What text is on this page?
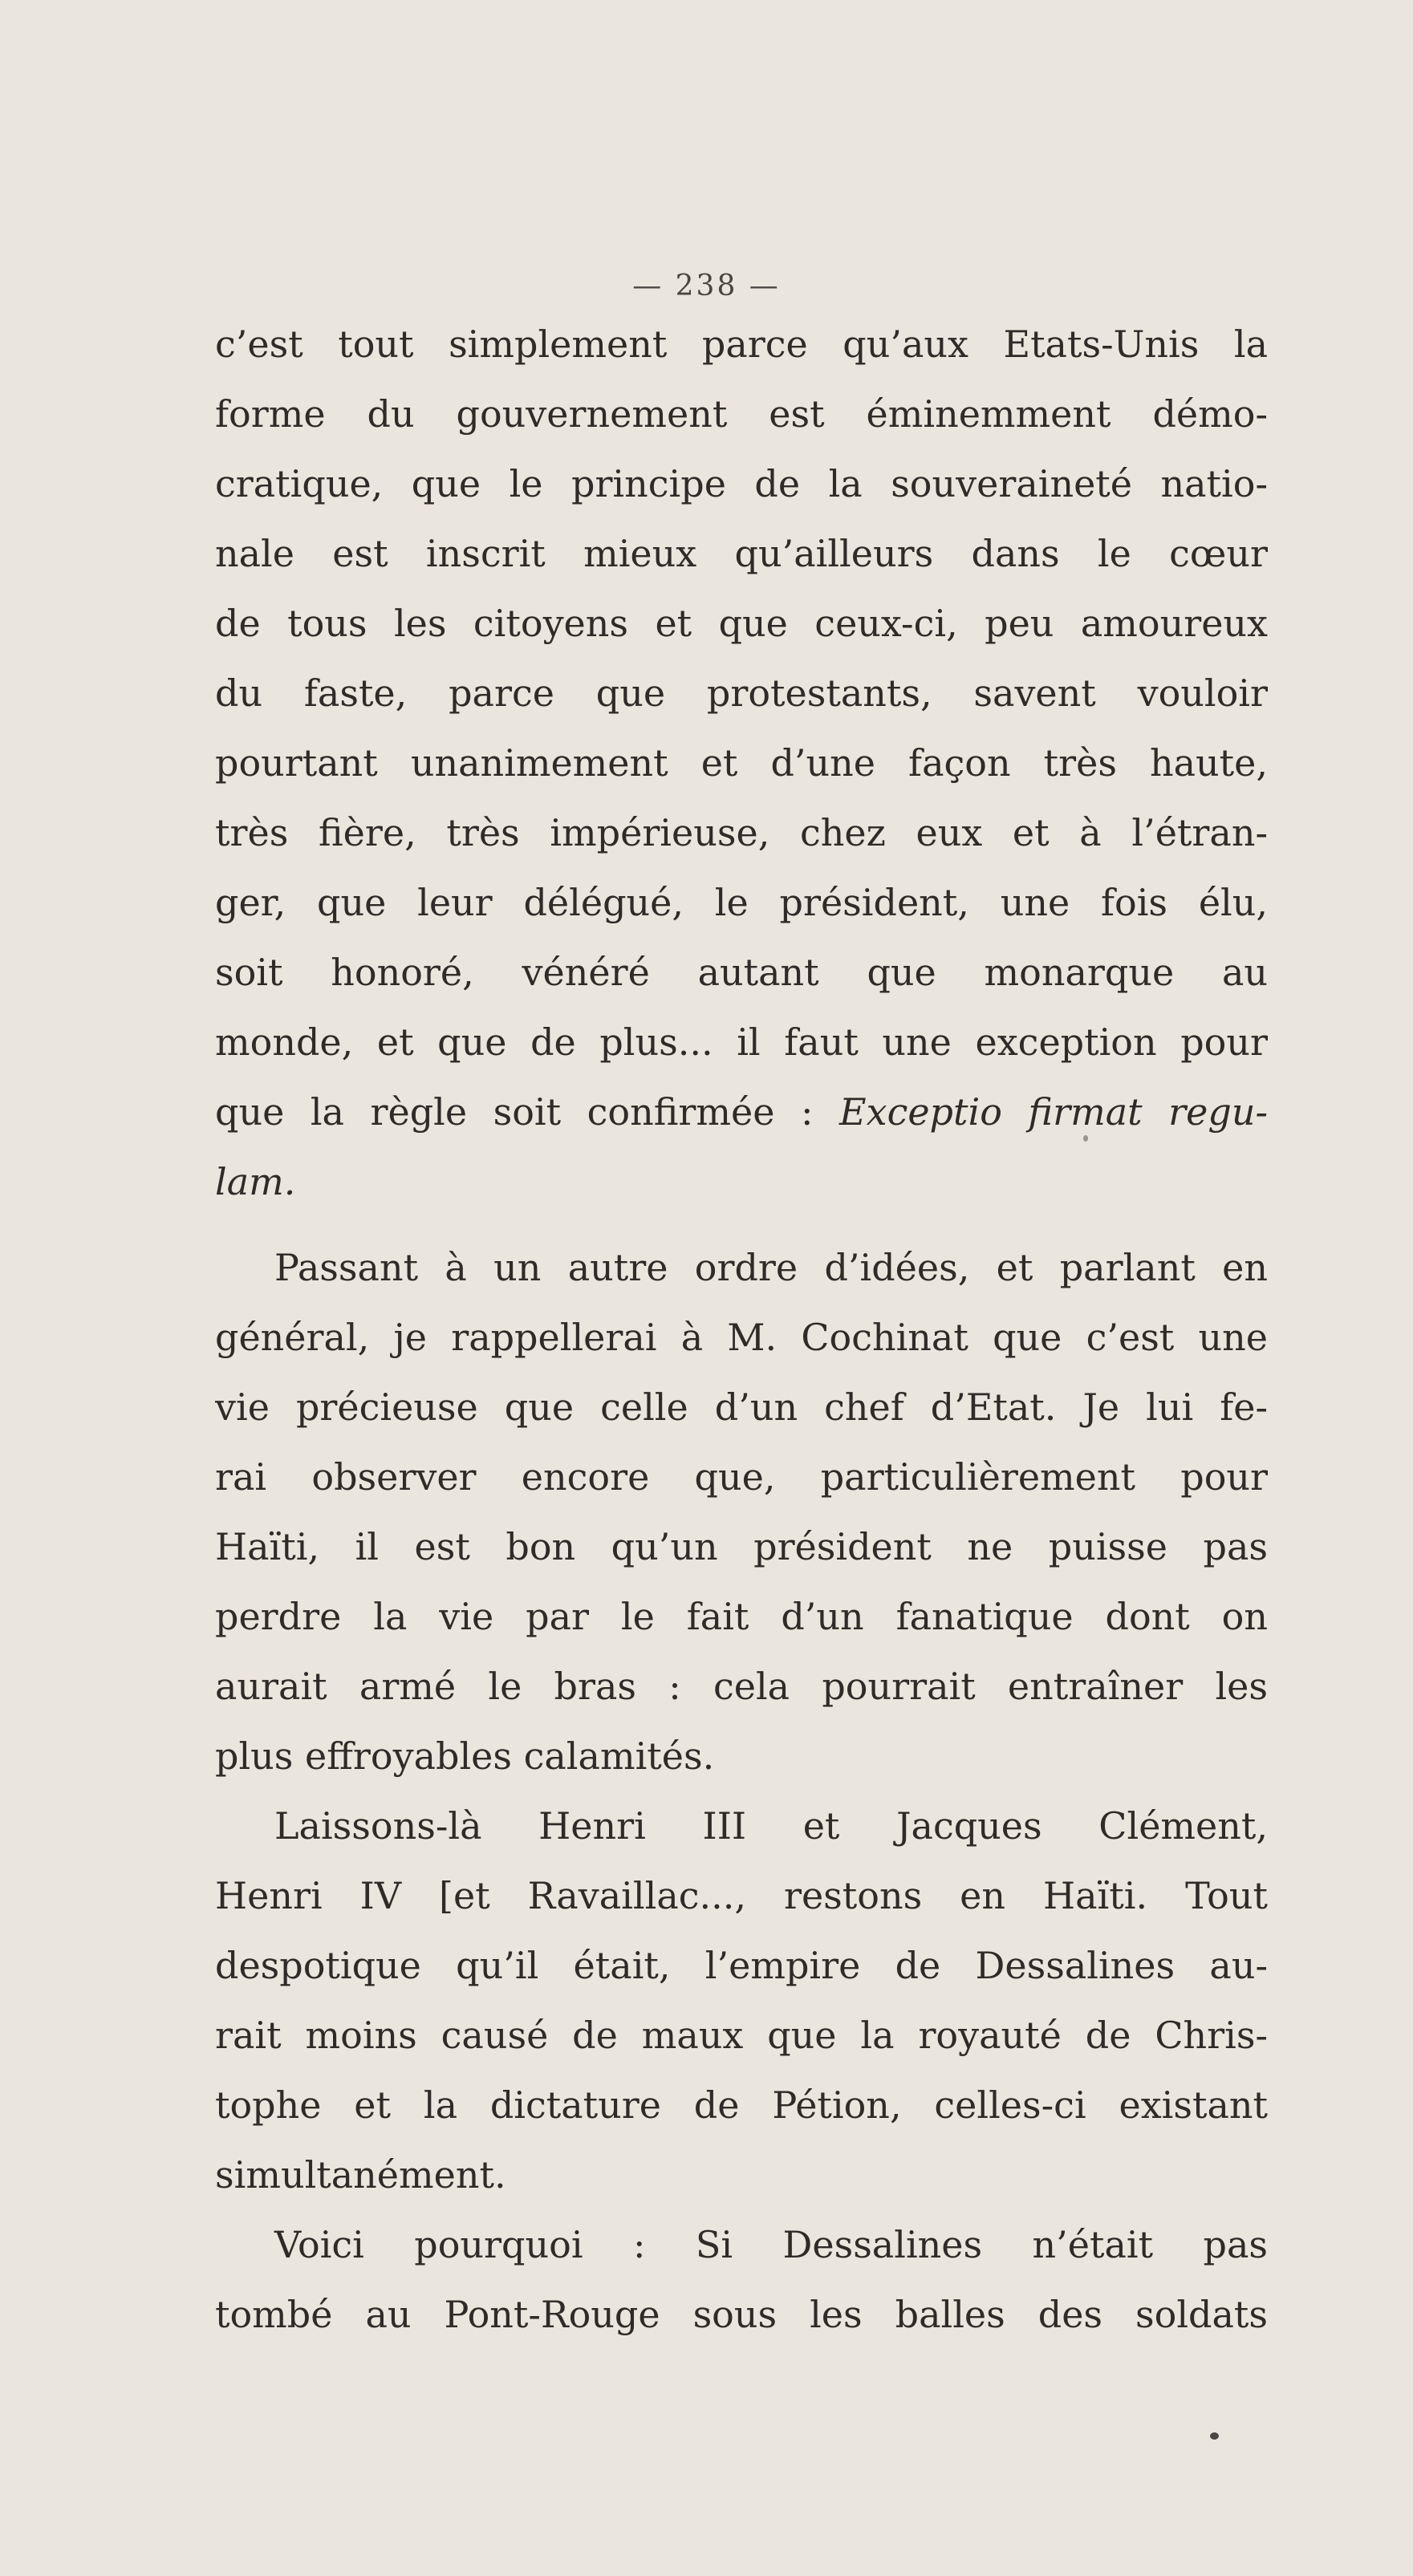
— 238 —
c’est tout simplement parce qu’aux Etats-Unis la
forme du gouvernement est éminemment démo-
cratique, que le principe de la souveraineté natio-
nale est inscrit mieux qu’ailleurs dans le cœur
de tous les citoyens et que ceux-ci, peu amoureux
du faste, parce que protestants, savent vouloir
pourtant unanimement et d’une façon très haute,
très fière, très impérieuse, chez eux et à l’étran-
ger, que leur délégué, le président, une fois élu,
soit honoré, vénéré autant que monarque au
monde, et que de plus... il faut une exception pour
que la règle soit confirmée : Exceptio firmat regu-
lam.
Passant à un autre ordre d’idées, et parlant en
général, je rappellerai à M. Cochinat que c’est une
vie précieuse que celle d’un chef d’Etat. Je lui fe-
rai observer encore que, particulièrement pour
Haïti, il est bon qu’un président ne puisse pas
perdre la vie par le fait d’un fanatique dont on
aurait armé le bras : cela pourrait entraîner les
plus effroyables calamités.
Laissons-là Henri III et Jacques Clément,
Henri IV [et Ravaillac..., restons en Haïti. Tout
despotique qu’il était, l’empire de Dessalines au-
rait moins causé de maux que la royauté de Chris-
tophe et la dictature de Pétion, celles-ci existant
simultanément.
Voici pourquoi : Si Dessalines n’était pas
tombé au Pont-Rouge sous les balles des soldats
